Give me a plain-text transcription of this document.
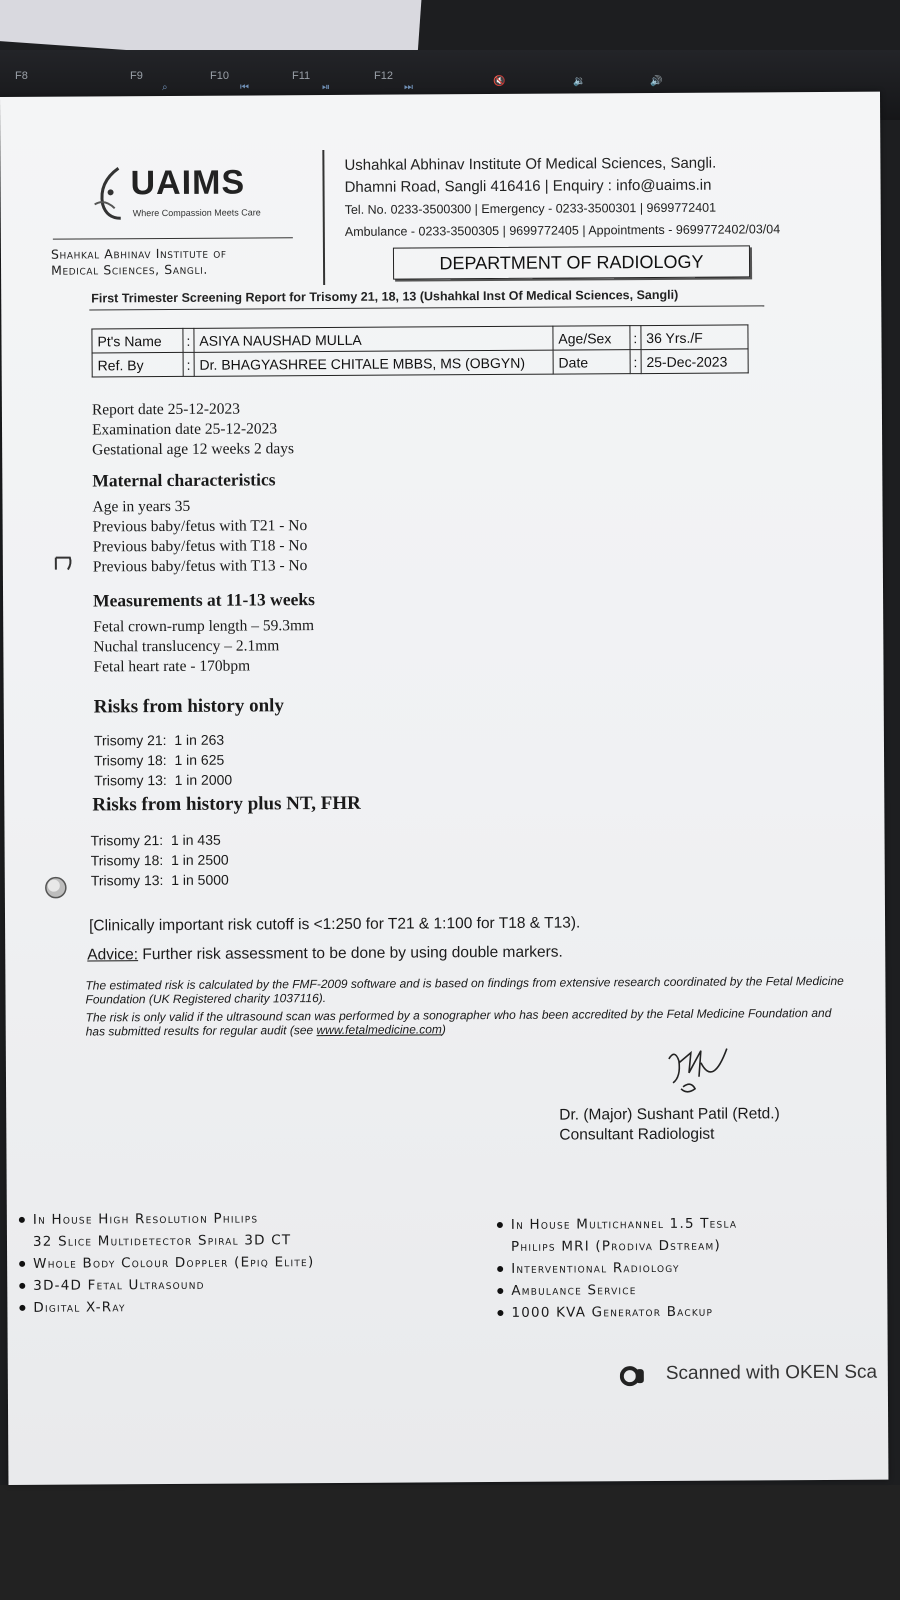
F8	F9	F10	F11	F12
⌕	⏮	⏯	⏭
🔇	🔉	🔊
UAIMS
Where Compassion Meets Care
Shahkal Abhinav Institute of
Medical Sciences, Sangli.
Ushahkal Abhinav Institute Of Medical Sciences, Sangli.
Dhamni Road, Sangli 416416 | Enquiry : info@uaims.in
Tel. No. 0233-3500300 | Emergency - 0233-3500301 | 9699772401
Ambulance - 0233-3500305 | 9699772405 | Appointments - 9699772402/03/04
DEPARTMENT OF RADIOLOGY
First Trimester Screening Report for Trisomy 21, 18, 13 (Ushahkal Inst Of Medical Sciences, Sangli)
Pt's Name	:	ASIYA NAUSHAD MULLA	Age/Sex	:	36 Yrs./F
Ref. By	:	Dr. BHAGYASHREE CHITALE MBBS, MS (OBGYN)	Date	:	25-Dec-2023
Report date 25-12-2023
Examination date 25-12-2023
Gestational age 12 weeks 2 days
Maternal characteristics
Age in years 35
Previous baby/fetus with T21 - No
Previous baby/fetus with T18 - No
Previous baby/fetus with T13 - No
Measurements at 11-13 weeks
Fetal crown-rump length – 59.3mm
Nuchal translucency – 2.1mm
Fetal heart rate - 170bpm
Risks from history only
Trisomy 21: 1 in 263
Trisomy 18: 1 in 625
Trisomy 13: 1 in 2000
Risks from history plus NT, FHR
Trisomy 21: 1 in 435
Trisomy 18: 1 in 2500
Trisomy 13: 1 in 5000
[Clinically important risk cutoff is <1:250 for T21 & 1:100 for T18 & T13).
Advice: Further risk assessment to be done by using double markers.
The estimated risk is calculated by the FMF-2009 software and is based on findings from extensive research coordinated by the Fetal Medicine Foundation (UK Registered charity 1037116).
The risk is only valid if the ultrasound scan was performed by a sonographer who has been accredited by the Fetal Medicine Foundation and has submitted results for regular audit (see www.fetalmedicine.com)
Dr. (Major) Sushant Patil (Retd.)
Consultant Radiologist
In House High Resolution Philips
32 Slice Multidetector Spiral 3D CT
Whole Body Colour Doppler (Epiq Elite)
3D-4D Fetal Ultrasound
Digital X-Ray
In House Multichannel 1.5 Tesla
Philips MRI (Prodiva Dstream)
Interventional Radiology
Ambulance Service
1000 KVA Generator Backup
Scanned with OKEN Sca
